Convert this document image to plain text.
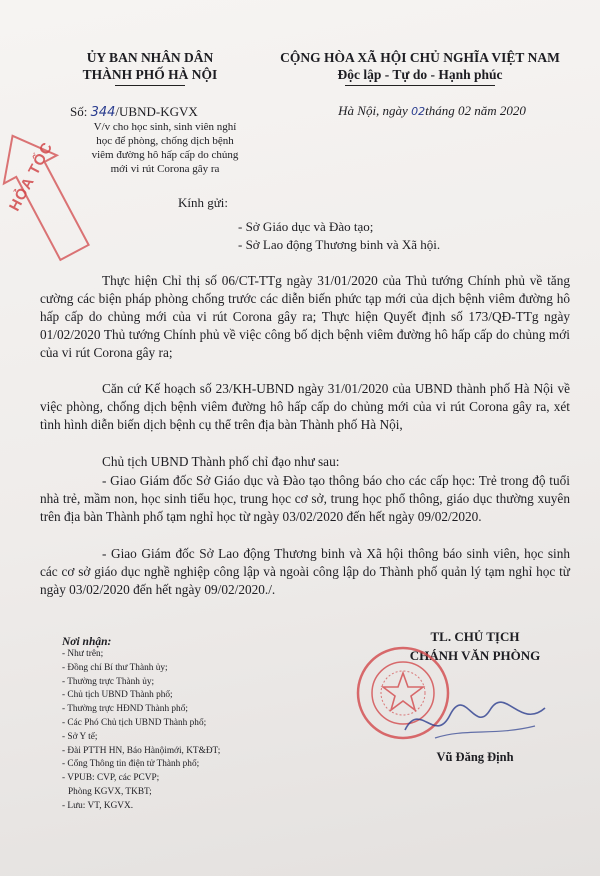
ỦY BAN NHÂN DÂN
THÀNH PHỐ HÀ NỘI
CỘNG HÒA XÃ HỘI CHỦ NGHĨA VIỆT NAM
Độc lập - Tự do - Hạnh phúc
Số: 344/UBND-KGVX
V/v cho học sinh, sinh viên nghỉ
học để phòng, chống dịch bệnh
viêm đường hô hấp cấp do chủng
mới vi rút Corona gây ra
Hà Nội, ngày 02tháng 02 năm 2020
HỎA TỐC	Kính gửi:
- Sở Giáo dục và Đào tạo;
- Sở Lao động Thương binh và Xã hội.
Thực hiện Chỉ thị số 06/CT-TTg ngày 31/01/2020 của Thủ tướng Chính phủ về tăng cường các biện pháp phòng chống trước các diễn biến phức tạp mới của dịch bệnh viêm đường hô hấp cấp do chủng mới của vi rút Corona gây ra; Thực hiện Quyết định số 173/QĐ-TTg ngày 01/02/2020 Thủ tướng Chính phủ về việc công bố dịch bệnh viêm đường hô hấp cấp do chủng mới của vi rút Corona gây ra;
Căn cứ Kế hoạch số 23/KH-UBND ngày 31/01/2020 của UBND thành phố Hà Nội về việc phòng, chống dịch bệnh viêm đường hô hấp cấp do chủng mới của vi rút Corona gây ra, xét tình hình diễn biến dịch bệnh cụ thể trên địa bàn Thành phố Hà Nội,
Chủ tịch UBND Thành phố chỉ đạo như sau:
- Giao Giám đốc Sở Giáo dục và Đào tạo thông báo cho các cấp học: Trẻ trong độ tuổi nhà trẻ, mầm non, học sinh tiểu học, trung học cơ sở, trung học phổ thông, giáo dục thường xuyên trên địa bàn Thành phố tạm nghỉ học từ ngày 03/02/2020 đến hết ngày 09/02/2020.
- Giao Giám đốc Sở Lao động Thương binh và Xã hội thông báo sinh viên, học sinh các cơ sở giáo dục nghề nghiệp công lập và ngoài công lập do Thành phố quản lý tạm nghỉ học từ ngày 03/02/2020 đến hết ngày 09/02/2020./.
Nơi nhận:
- Như trên;
- Đồng chí Bí thư Thành ủy;
- Thường trực Thành ủy;
- Chủ tịch UBND Thành phố;
- Thường trực HĐND Thành phố;
- Các Phó Chủ tịch UBND Thành phố;
- Sở Y tế;
- Đài PTTH HN, Báo Hànộimới, KT&ĐT;
- Cổng Thông tin điện tử Thành phố;
- VPUB: CVP, các PCVP;
Phòng KGVX, TKBT;
- Lưu: VT, KGVX.
TL. CHỦ TỊCH
CHÁNH VĂN PHÒNG
Vũ Đăng Định
